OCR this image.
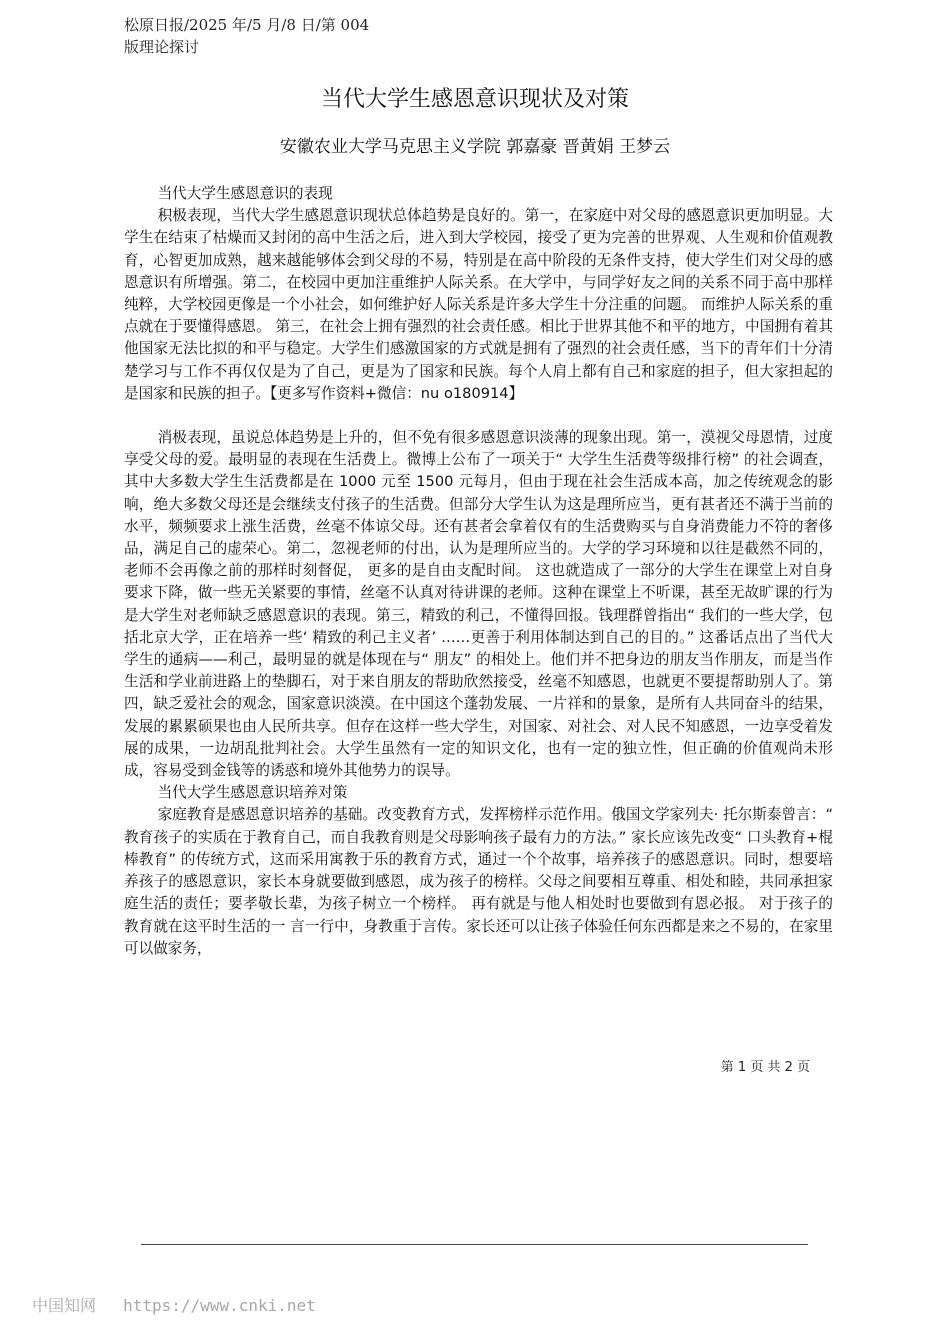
松原日报/2025 年/5 月/8 日/第 004
版理论探讨
当代大学生感恩意识现状及对策
安徽农业大学马克思主义学院 郭嘉豪 晋黄娟 王梦云

当代大学生感恩意识的表现

积极表现，当代大学生感恩意识现状总体趋势是良好的。第一，在家庭中对父母的感恩意识更加明显。大学生在结束了枯燥而又封闭的高中生活之后，进入到大学校园，接受了更为完善的世界观、人生观和价值观教育，心智更加成熟，越来越能够体会到父母的不易，特别是在高中阶段的无条件支持，使大学生们对父母的感恩意识有所增强。第二，在校园中更加注重维护人际关系。在大学中，与同学好友之间的关系不同于高中那样纯粹，大学校园更像是一个小社会，如何维护好人际关系是许多大学生十分注重的问题。 而维护人际关系的重点就在于要懂得感恩。 第三，在社会上拥有强烈的社会责任感。相比于世界其他不和平的地方，中国拥有着其他国家无法比拟的和平与稳定。大学生们感激国家的方式就是拥有了强烈的社会责任感，当下的青年们十分清楚学习与工作不再仅仅是为了自己，更是为了国家和民族。每个人肩上都有自己和家庭的担子，但大家担起的是国家和民族的担子。【更多写作资料+微信：nu o180914】

消极表现，虽说总体趋势是上升的，但不免有很多感恩意识淡薄的现象出现。第一，漠视父母恩情，过度享受父母的爱。最明显的表现在生活费上。微博上公布了一项关于“ 大学生生活费等级排行榜” 的社会调查，其中大多数大学生生活费都是在 1000 元至 1500 元每月，但由于现在社会生活成本高，加之传统观念的影响，绝大多数父母还是会继续支付孩子的生活费。但部分大学生认为这是理所应当，更有甚者还不满于当前的水平，频频要求上涨生活费，丝毫不体谅父母。还有甚者会拿着仅有的生活费购买与自身消费能力不符的奢侈品，满足自己的虚荣心。第二，忽视老师的付出，认为是理所应当的。大学的学习环境和以往是截然不同的，老师不会再像之前的那样时刻督促， 更多的是自由支配时间。 这也就造成了一部分的大学生在课堂上对自身要求下降，做一些无关紧要的事情，丝毫不认真对待讲课的老师。这种在课堂上不听课，甚至无故旷课的行为是大学生对老师缺乏感恩意识的表现。第三，精致的利己，不懂得回报。钱理群曾指出“ 我们的一些大学，包括北京大学，正在培养一些‘ 精致的利己主义者’ ……更善于利用体制达到自己的目的。” 这番话点出了当代大学生的通病——利己，最明显的就是体现在与“ 朋友” 的相处上。他们并不把身边的朋友当作朋友，而是当作生活和学业前进路上的垫脚石，对于来自朋友的帮助欣然接受，丝毫不知感恩，也就更不要提帮助别人了。第四，缺乏爱社会的观念，国家意识淡漠。在中国这个蓬勃发展、一片祥和的景象，是所有人共同奋斗的结果，发展的累累硕果也由人民所共享。但存在这样一些大学生，对国家、对社会、对人民不知感恩，一边享受着发展的成果，一边胡乱批判社会。大学生虽然有一定的知识文化，也有一定的独立性，但正确的价值观尚未形成，容易受到金钱等的诱惑和境外其他势力的误导。

当代大学生感恩意识培养对策

家庭教育是感恩意识培养的基础。改变教育方式，发挥榜样示范作用。俄国文学家列夫· 托尔斯泰曾言：“ 教育孩子的实质在于教育自己，而自我教育则是父母影响孩子最有力的方法。” 家长应该先改变“ 口头教育+棍棒教育” 的传统方式，这而采用寓教于乐的教育方式，通过一个个故事，培养孩子的感恩意识。同时，想要培养孩子的感恩意识，家长本身就要做到感恩，成为孩子的榜样。父母之间要相互尊重、相处和睦，共同承担家庭生活的责任；要孝敬长辈，为孩子树立一个榜样。 再有就是与他人相处时也要做到有恩必报。 对于孩子的教育就在这平时生活的一 言一行中，身教重于言传。家长还可以让孩子体验任何东西都是来之不易的，在家里可以做家务，

第 1 页 共 2 页
中国知网 https://www.cnki.net
